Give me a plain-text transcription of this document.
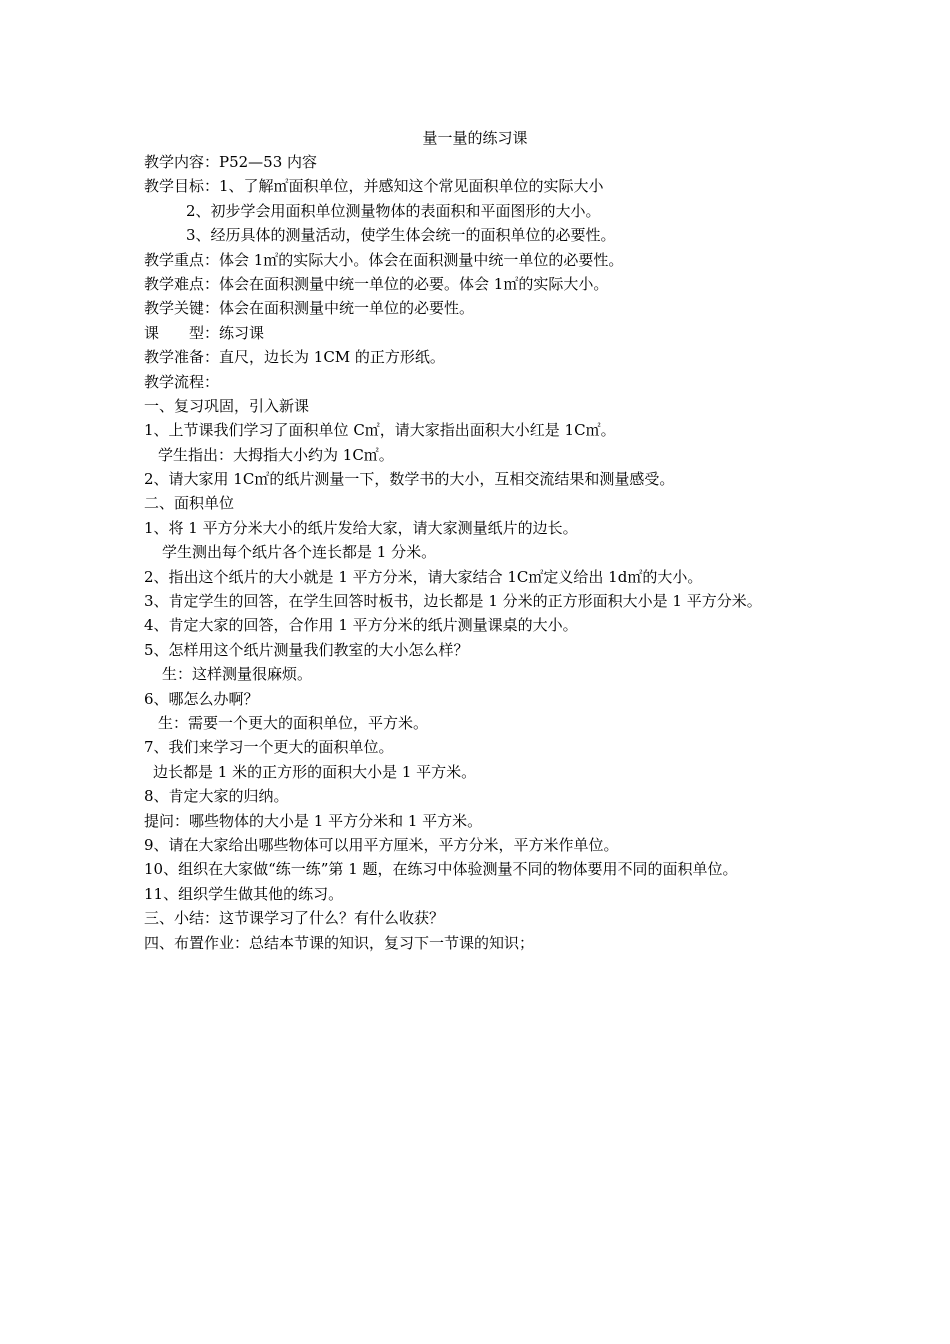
量一量的练习课
教学内容：P52—53 内容
教学目标：1、了解㎡面积单位，并感知这个常见面积单位的实际大小
2、初步学会用面积单位测量物体的表面积和平面图形的大小。
3、经历具体的测量活动，使学生体会统一的面积单位的必要性。
教学重点：体会 1㎡的实际大小。体会在面积测量中统一单位的必要性。
教学难点：体会在面积测量中统一单位的必要。体会 1㎡的实际大小。
教学关键：体会在面积测量中统一单位的必要性。
课　　型：练习课
教学准备：直尺，边长为 1CM 的正方形纸。
教学流程：
一、复习巩固，引入新课
1、上节课我们学习了面积单位 C㎡，请大家指出面积大小红是 1C㎡。
学生指出：大拇指大小约为 1C㎡。
2、请大家用 1C㎡的纸片测量一下，数学书的大小，互相交流结果和测量感受。
二、面积单位
1、将 1 平方分米大小的纸片发给大家，请大家测量纸片的边长。
学生测出每个纸片各个连长都是 1 分米。
2、指出这个纸片的大小就是 1 平方分米，请大家结合 1C㎡定义给出 1d㎡的大小。
3、肯定学生的回答，在学生回答时板书，边长都是 1 分米的正方形面积大小是 1 平方分米。
4、肯定大家的回答，合作用 1 平方分米的纸片测量课桌的大小。
5、怎样用这个纸片测量我们教室的大小怎么样？
生：这样测量很麻烦。
6、哪怎么办啊？
生：需要一个更大的面积单位，平方米。
7、我们来学习一个更大的面积单位。
边长都是 1 米的正方形的面积大小是 1 平方米。
8、肯定大家的归纳。
提问：哪些物体的大小是 1 平方分米和 1 平方米。
9、请在大家给出哪些物体可以用平方厘米，平方分米，平方米作单位。
10、组织在大家做“练一练”第 1 题，在练习中体验测量不同的物体要用不同的面积单位。
11、组织学生做其他的练习。
三、小结：这节课学习了什么？有什么收获？
四、布置作业：总结本节课的知识，复习下一节课的知识；
